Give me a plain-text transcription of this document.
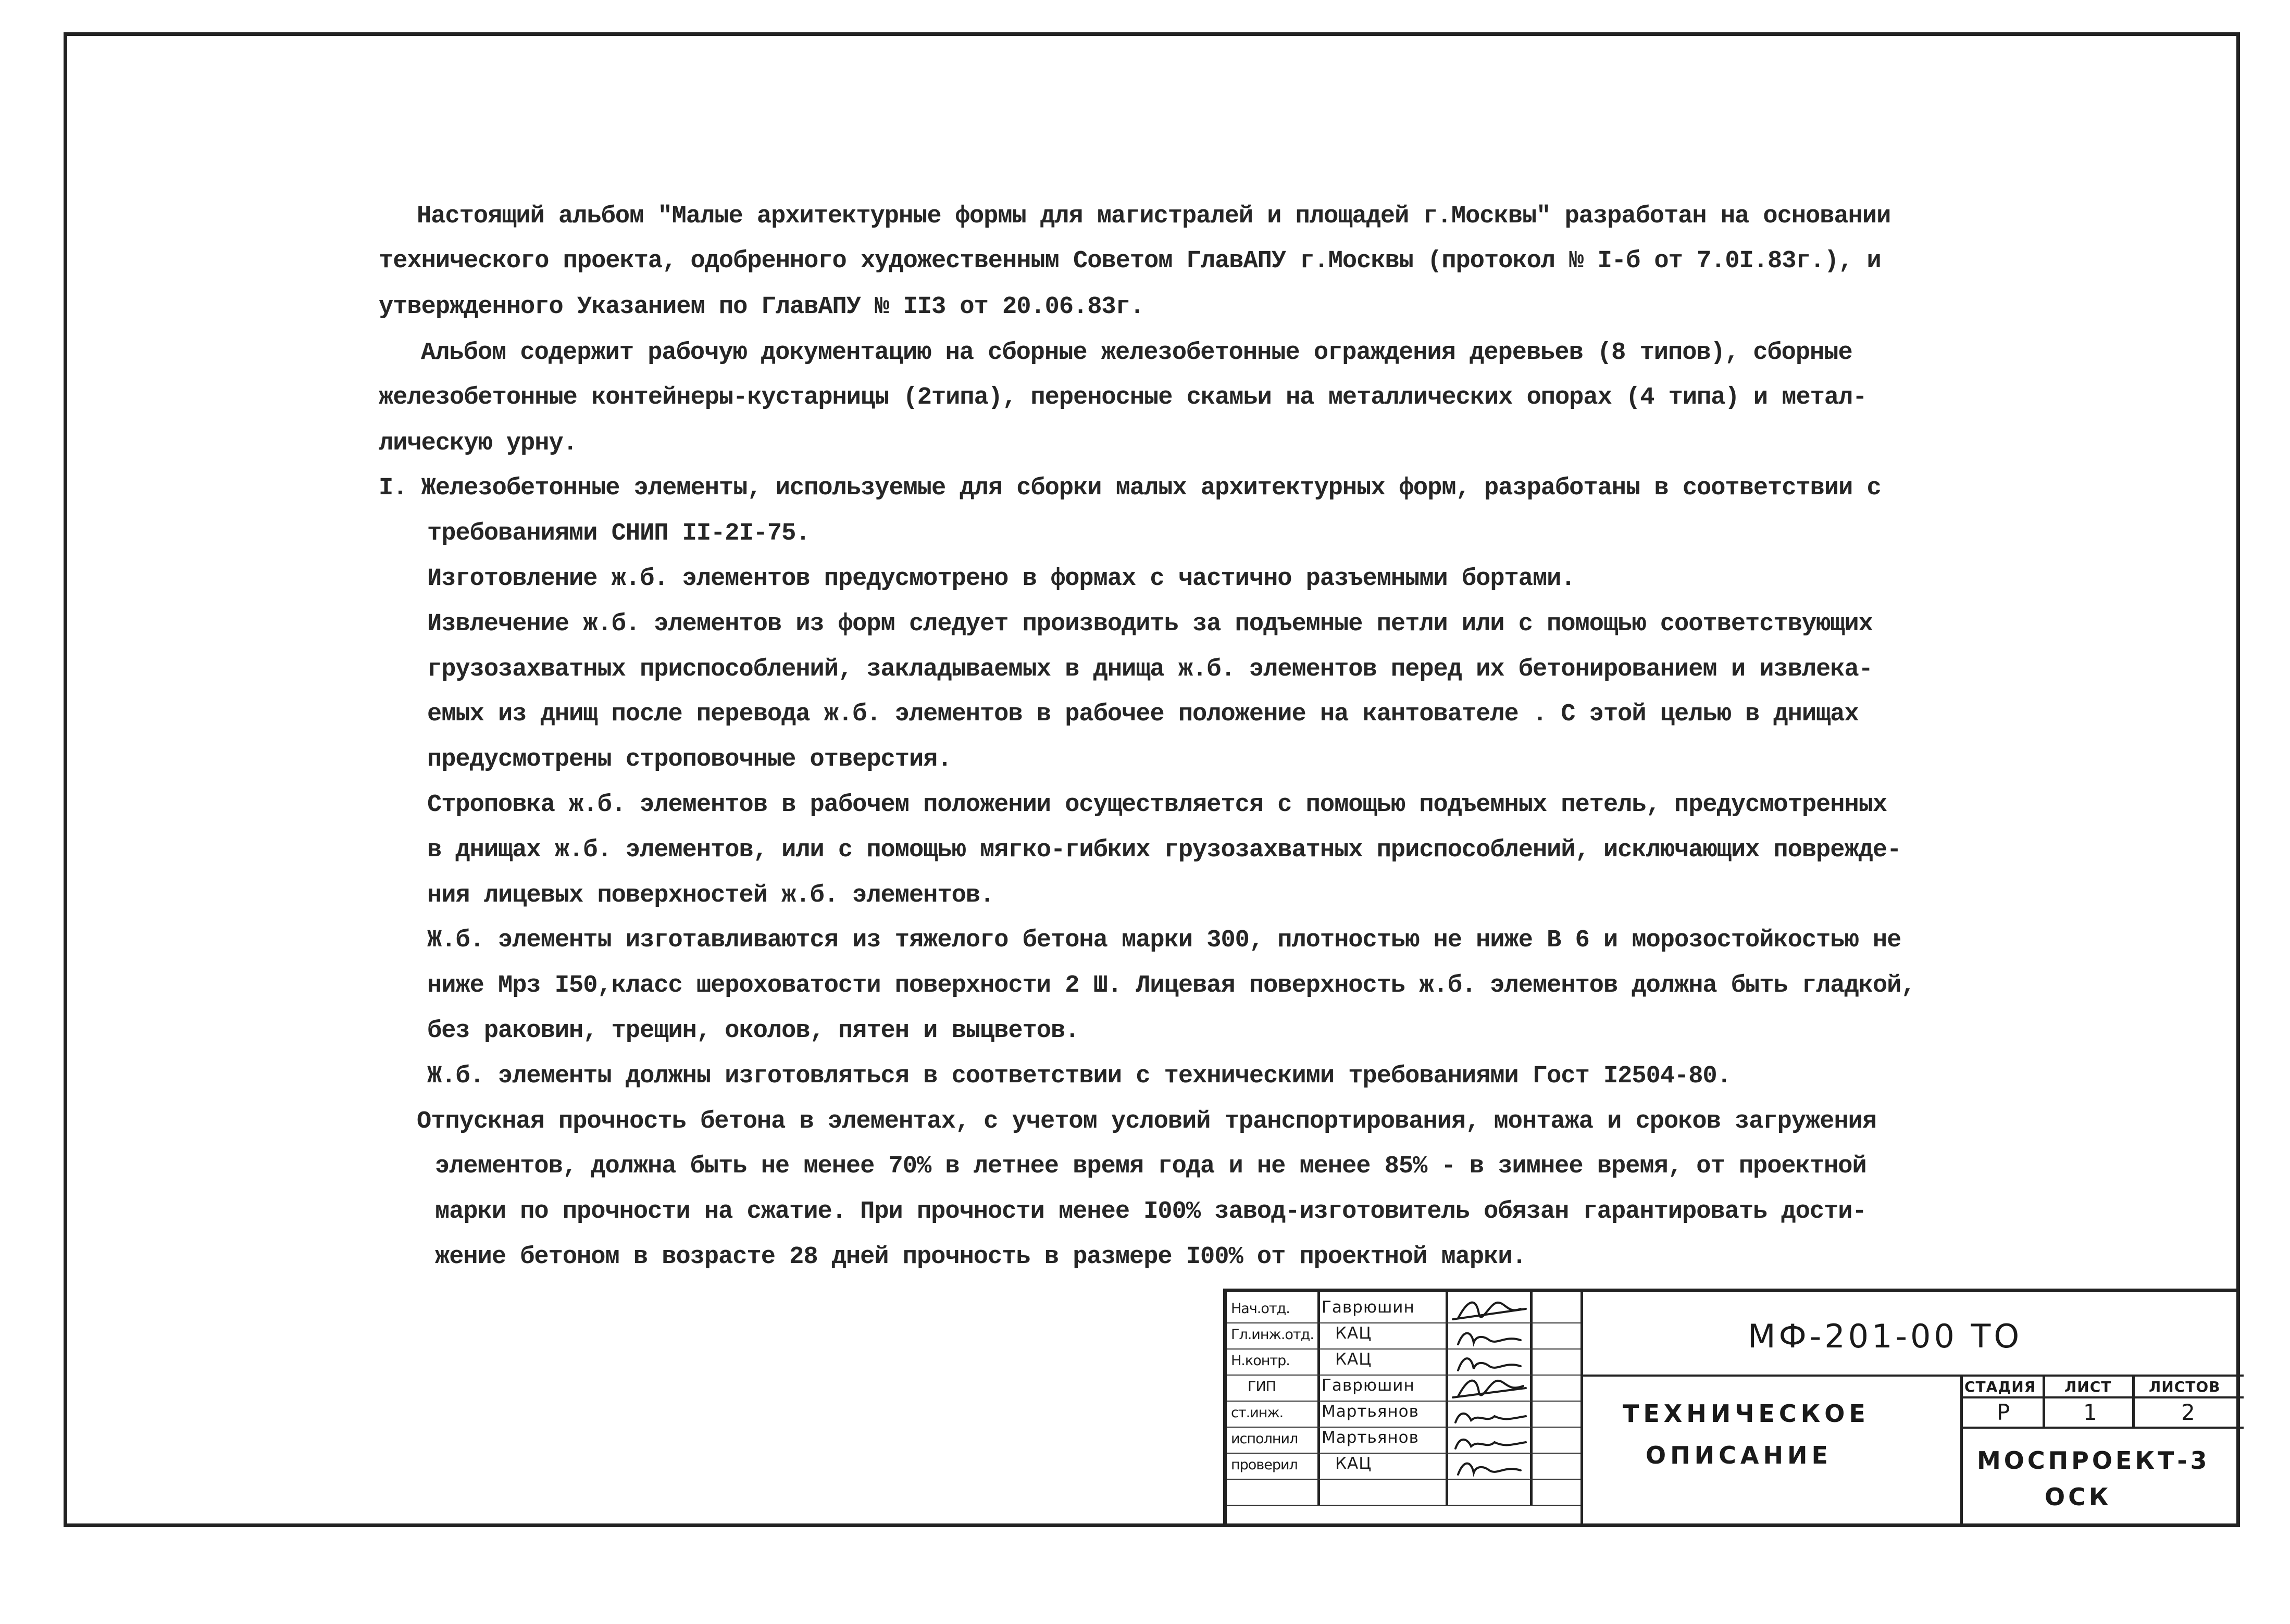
Настоящий альбом "Малые архитектурные формы для магистралей и площадей г.Москвы" разработан на основании
технического проекта, одобренного художественным Советом ГлавАПУ г.Москвы (протокол № I-б от 7.0I.83г.), и
утвержденного Указанием по ГлавАПУ № II3 от 20.06.83г.
Альбом содержит рабочую документацию на сборные железобетонные ограждения деревьев (8 типов), сборные
железобетонные контейнеры-кустарницы (2типа), переносные скамьи на металлических опорах (4 типа) и метал-
лическую урну.
I. Железобетонные элементы, используемые для сборки малых архитектурных форм, разработаны в соответствии с
требованиями СНИП II-2I-75.
Изготовление ж.б. элементов предусмотрено в формах с частично разъемными бортами.
Извлечение ж.б. элементов из форм следует производить за подъемные петли или с помощью соответствующих
грузозахватных приспособлений, закладываемых в днища ж.б. элементов перед их бетонированием и извлека-
емых из днищ после перевода ж.б. элементов в рабочее положение на кантователе . С этой целью в днищах
предусмотрены строповочные отверстия.
Строповка ж.б. элементов в рабочем положении осуществляется с помощью подъемных петель, предусмотренных
в днищах ж.б. элементов, или с помощью мягко-гибких грузозахватных приспособлений, исключающих поврежде-
ния лицевых поверхностей ж.б. элементов.
Ж.б. элементы изготавливаются из тяжелого бетона марки 300, плотностью не ниже В 6 и морозостойкостью не
ниже Мрз I50,класс шероховатости поверхности 2 Ш. Лицевая поверхность ж.б. элементов должна быть гладкой,
без раковин, трещин, околов, пятен и выцветов.
Ж.б. элементы должны изготовляться в соответствии с техническими требованиями Гост I2504-80.
Отпускная прочность бетона в элементах, с учетом условий транспортирования, монтажа и сроков загружения
элементов, должна быть не менее 70% в летнее время года и не менее 85% - в зимнее время, от проектной
марки по прочности на сжатие. При прочности менее I00% завод-изготовитель обязан гарантировать дости-
жение бетоном в возрасте 28 дней прочность в размере I00% от проектной марки.
Нач.отд. Гаврюшин
Гл.инж.отд. КАЦ
Н.контр.	КАЦ
ГИП	Гаврюшин
ст.инж. Мартьянов
исполнил Мартьянов
проверил КАЦ
МФ-201-00 ТО
ТЕХНИЧЕСКОЕ
ОПИСАНИЕ
СТАДИЯ ЛИСТ	ЛИСТОВ
Р	1	2
МОСПРОЕКТ-3
ОСК
